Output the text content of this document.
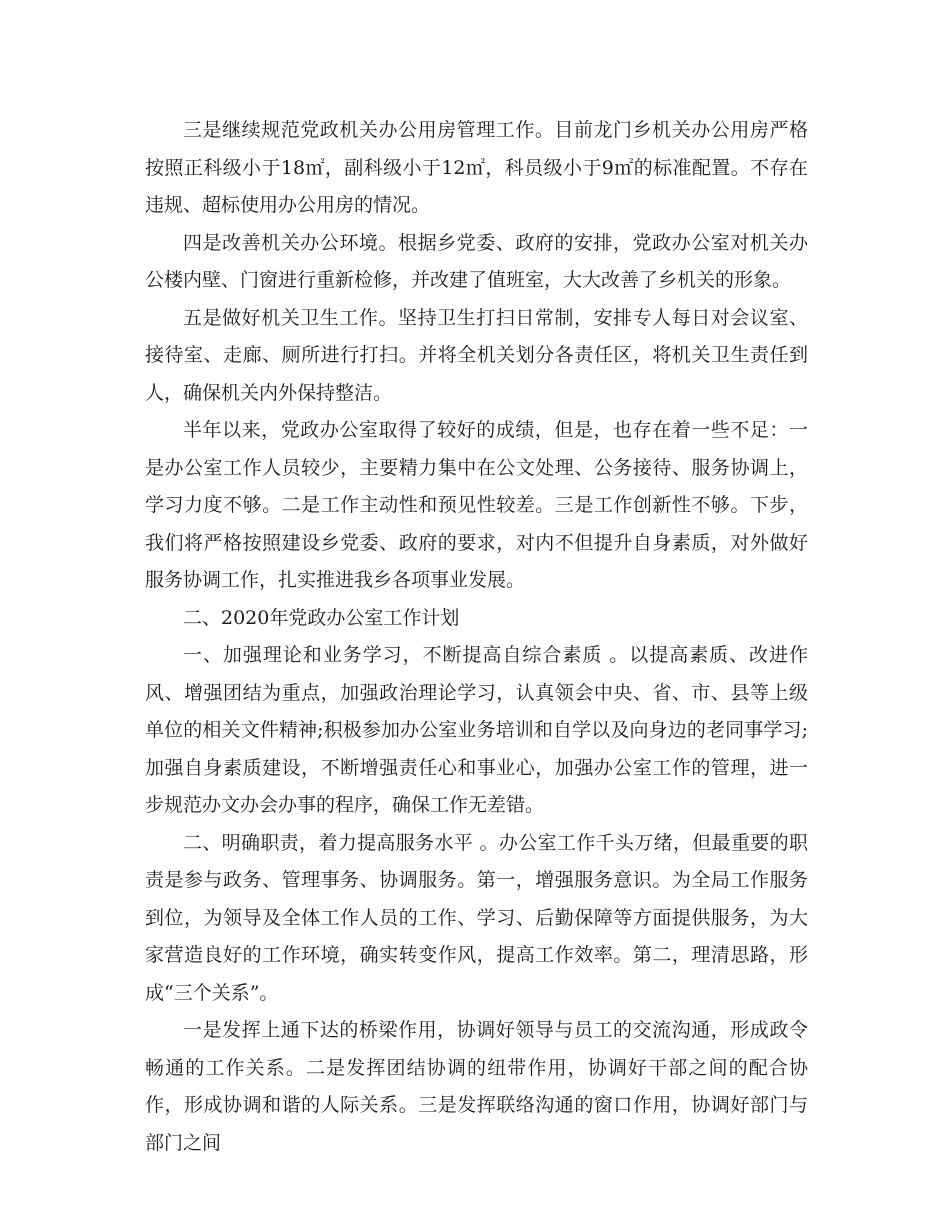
三是继续规范党政机关办公用房管理工作。目前龙门乡机关办公用房严格按照正科级小于18㎡，副科级小于12㎡，科员级小于9㎡的标准配置。不存在违规、超标使用办公用房的情况。

四是改善机关办公环境。根据乡党委、政府的安排，党政办公室对机关办公楼内壁、门窗进行重新检修，并改建了值班室，大大改善了乡机关的形象。

五是做好机关卫生工作。坚持卫生打扫日常制，安排专人每日对会议室、接待室、走廊、厕所进行打扫。并将全机关划分各责任区，将机关卫生责任到人，确保机关内外保持整洁。

半年以来，党政办公室取得了较好的成绩，但是，也存在着一些不足：一是办公室工作人员较少，主要精力集中在公文处理、公务接待、服务协调上，学习力度不够。二是工作主动性和预见性较差。三是工作创新性不够。下步，我们将严格按照建设乡党委、政府的要求，对内不但提升自身素质，对外做好服务协调工作，扎实推进我乡各项事业发展。

二、2020年党政办公室工作计划

一、加强理论和业务学习，不断提高自综合素质 。以提高素质、改进作风、增强团结为重点，加强政治理论学习，认真领会中央、省、市、县等上级单位的相关文件精神;积极参加办公室业务培训和自学以及向身边的老同事学习;加强自身素质建设，不断增强责任心和事业心，加强办公室工作的管理，进一步规范办文办会办事的程序，确保工作无差错。

二、明确职责，着力提高服务水平 。办公室工作千头万绪，但最重要的职责是参与政务、管理事务、协调服务。第一，增强服务意识。为全局工作服务到位，为领导及全体工作人员的工作、学习、后勤保障等方面提供服务，为大家营造良好的工作环境，确实转变作风，提高工作效率。第二，理清思路，形成“三个关系”。

一是发挥上通下达的桥梁作用，协调好领导与员工的交流沟通，形成政令畅通的工作关系。二是发挥团结协调的纽带作用，协调好干部之间的配合协作，形成协调和谐的人际关系。三是发挥联络沟通的窗口作用，协调好部门与部门之间
